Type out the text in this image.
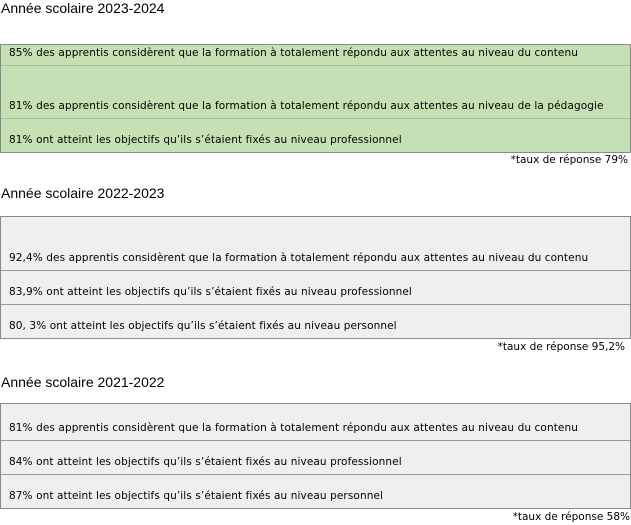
Année scolaire 2023-2024
85% des apprentis considèrent que la formation à totalement répondu aux attentes au niveau du contenu
81% des apprentis considèrent que la formation à totalement répondu aux attentes au niveau de la pédagogie
81% ont atteint les objectifs qu’ils s’étaient fixés au niveau professionnel
*taux de réponse 79%
Année scolaire 2022-2023
92,4% des apprentis considèrent que la formation à totalement répondu aux attentes au niveau du contenu
83,9% ont atteint les objectifs qu’ils s’étaient fixés au niveau professionnel
80, 3% ont atteint les objectifs qu’ils s’étaient fixés au niveau personnel
*taux de réponse 95,2%
Année scolaire 2021-2022
81% des apprentis considèrent que la formation à totalement répondu aux attentes au niveau du contenu
84% ont atteint les objectifs qu’ils s’étaient fixés au niveau professionnel
87% ont atteint les objectifs qu’ils s’étaient fixés au niveau personnel
*taux de réponse 58%
